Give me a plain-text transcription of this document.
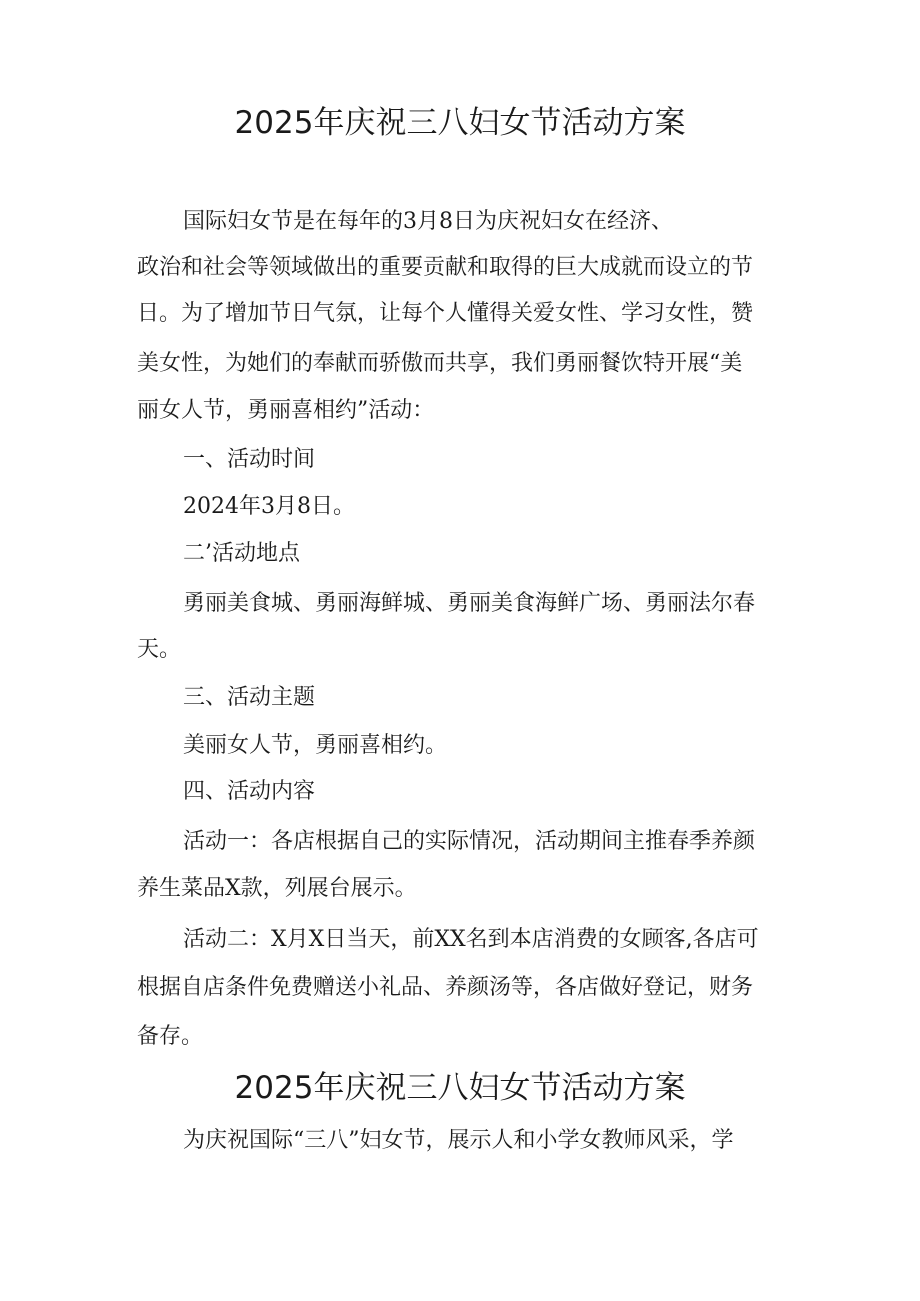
2025年庆祝三八妇女节活动方案

国际妇女节是在每年的3月8日为庆祝妇女在经济、

政治和社会等领域做出的重要贡献和取得的巨大成就而设立的节

日。为了增加节日气氛，让每个人懂得关爱女性、学习女性，赞

美女性，为她们的奉献而骄傲而共享，我们勇丽餐饮特开展“美

丽女人节，勇丽喜相约”活动：

一、活动时间

2024年3月8日。

二’活动地点

勇丽美食城、勇丽海鲜城、勇丽美食海鲜广场、勇丽法尔春

天。

三、活动主题

美丽女人节，勇丽喜相约。

四、活动内容

活动一：各店根据自己的实际情况，活动期间主推春季养颜

养生菜品X款，列展台展示。

活动二：X月X日当天，前XX名到本店消费的女顾客,各店可

根据自店条件免费赠送小礼品、养颜汤等，各店做好登记，财务

备存。

2025年庆祝三八妇女节活动方案

为庆祝国际“三八”妇女节，展示人和小学女教师风采，学
